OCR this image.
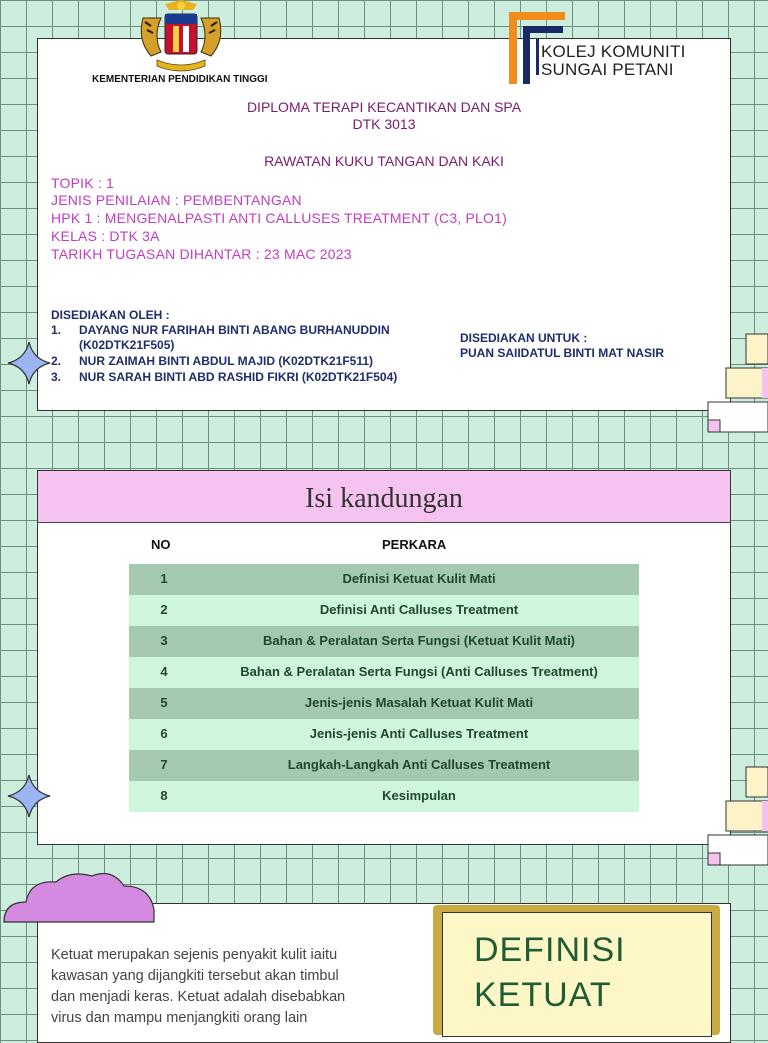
KEMENTERIAN PENDIDIKAN TINGGI
KOLEJ KOMUNITI
SUNGAI PETANI
DIPLOMA TERAPI KECANTIKAN DAN SPA
DTK 3013
RAWATAN KUKU TANGAN DAN KAKI
TOPIK : 1
JENIS PENILAIAN : PEMBENTANGAN
HPK 1 : MENGENALPASTI ANTI CALLUSES TREATMENT (C3, PLO1)
KELAS : DTK 3A
TARIKH TUGASAN DIHANTAR : 23 MAC 2023
DISEDIAKAN OLEH :
1. DAYANG NUR FARIHAH BINTI ABANG BURHANUDDIN
(K02DTK21F505)
2. NUR ZAIMAH BINTI ABDUL MAJID (K02DTK21F511)
3. NUR SARAH BINTI ABD RASHID FIKRI (K02DTK21F504)
DISEDIAKAN UNTUK :
PUAN SAIIDATUL BINTI MAT NASIR
Isi kandungan
NO	PERKARA
1	Definisi Ketuat Kulit Mati
2	Definisi Anti Calluses Treatment
3	Bahan & Peralatan Serta Fungsi (Ketuat Kulit Mati)
4	Bahan & Peralatan Serta Fungsi (Anti Calluses Treatment)
5	Jenis-jenis Masalah Ketuat Kulit Mati
6	Jenis-jenis Anti Calluses Treatment
7	Langkah-Langkah Anti Calluses Treatment
8	Kesimpulan
Ketuat merupakan sejenis penyakit kulit iaitu
kawasan yang dijangkiti tersebut akan timbul
dan menjadi keras. Ketuat adalah disebabkan
virus dan mampu menjangkiti orang lain
DEFINISI
KETUAT
